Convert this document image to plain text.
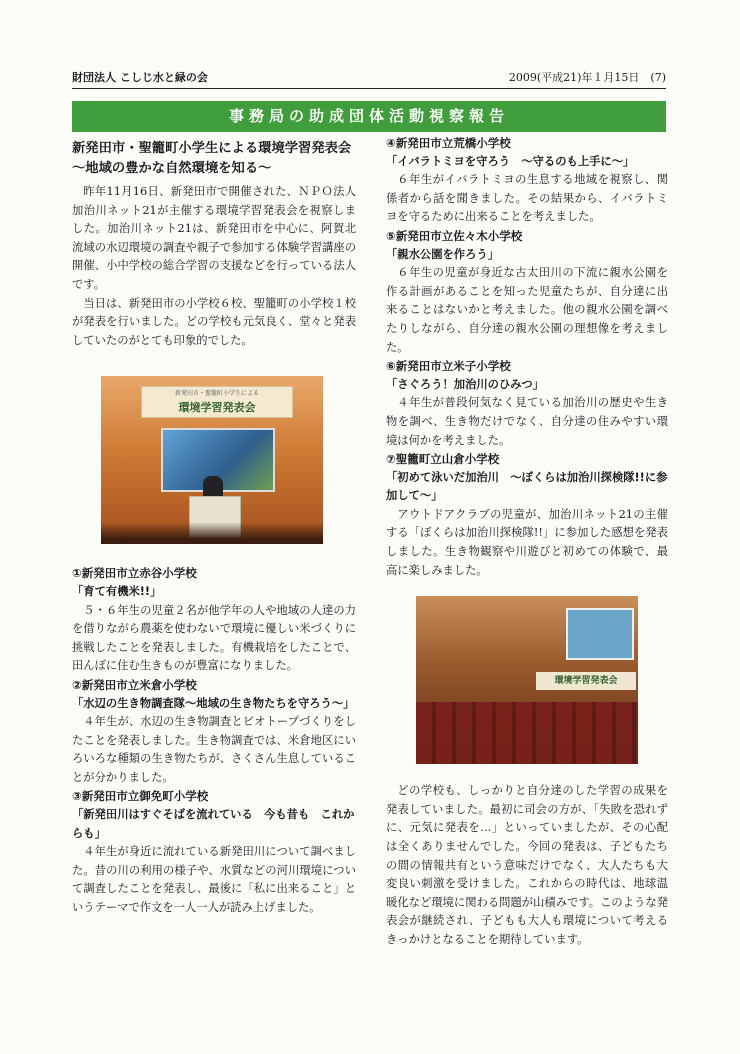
財団法人 こしじ水と緑の会	2009(平成21)年１月15日　(7)
事務局の助成団体活動視察報告
新発田市・聖籠町小学生による環境学習発表会～地域の豊かな自然環境を知る～

昨年11月16日、新発田市で開催された、ＮＰＯ法人加治川ネット21が主催する環境学習発表会を視察しました。加治川ネット21は、新発田市を中心に、阿賀北流域の水辺環境の調査や親子で参加する体験学習講座の開催、小中学校の総合学習の支援などを行っている法人です。

当日は、新発田市の小学校６校、聖籠町の小学校１校が発表を行いました。どの学校も元気良く、堂々と発表していたのがとても印象的でした。

新発田市・聖籠町小学生による
環境学習発表会
①新発田市立赤谷小学校
「育て有機米!!」

５・６年生の児童２名が他学年の人や地域の人達の力を借りながら農薬を使わないで環境に優しい米づくりに挑戦したことを発表しました。有機栽培をしたことで、田んぼに住む生きものが豊富になりました。

②新発田市立米倉小学校
「水辺の生き物調査隊～地域の生き物たちを守ろう～」

４年生が、水辺の生き物調査とビオトープづくりをしたことを発表しました。生き物調査では、米倉地区にいろいろな種類の生き物たちが、さくさん生息していることが分かりました。

③新発田市立御免町小学校
「新発田川はすぐそばを流れている　今も昔も　これからも」

４年生が身近に流れている新発田川について調べました。昔の川の利用の様子や、水質などの河川環境について調査したことを発表し、最後に「私に出来ること」というテーマで作文を一人一人が読み上げました。

④新発田市立荒橋小学校
「イバラトミヨを守ろう　～守るのも上手に～」

６年生がイバラトミヨの生息する地域を視察し、関係者から話を聞きました。その結果から、イバラトミヨを守るために出来ることを考えました。

⑤新発田市立佐々木小学校
「親水公園を作ろう」

６年生の児童が身近な古太田川の下流に親水公園を作る計画があることを知った児童たちが、自分達に出来ることはないかと考えました。他の親水公園を調べたりしながら、自分達の親水公園の理想像を考えました。

⑥新発田市立米子小学校
「さぐろう！加治川のひみつ」

４年生が普段何気なく見ている加治川の歴史や生き物を調べ、生き物だけでなく、自分達の住みやすい環境は何かを考えました。

⑦聖籠町立山倉小学校
「初めて泳いだ加治川　～ぼくらは加治川探検隊!!に参加して～」

アウトドアクラブの児童が、加治川ネット21の主催する「ぼくらは加治川探検隊!!」に参加した感想を発表しました。生き物観察や川遊びと初めての体験で、最高に楽しみました。

環境学習発表会

どの学校も、しっかりと自分達のした学習の成果を発表していました。最初に司会の方が、「失敗を恐れずに、元気に発表を…」といっていましたが、その心配は全くありませんでした。今回の発表は、子どもたちの間の情報共有という意味だけでなく、大人たちも大変良い刺激を受けました。これからの時代は、地球温暖化など環境に関わる問題が山積みです。このような発表会が継続され、子どもも大人も環境について考えるきっかけとなることを期待しています。
